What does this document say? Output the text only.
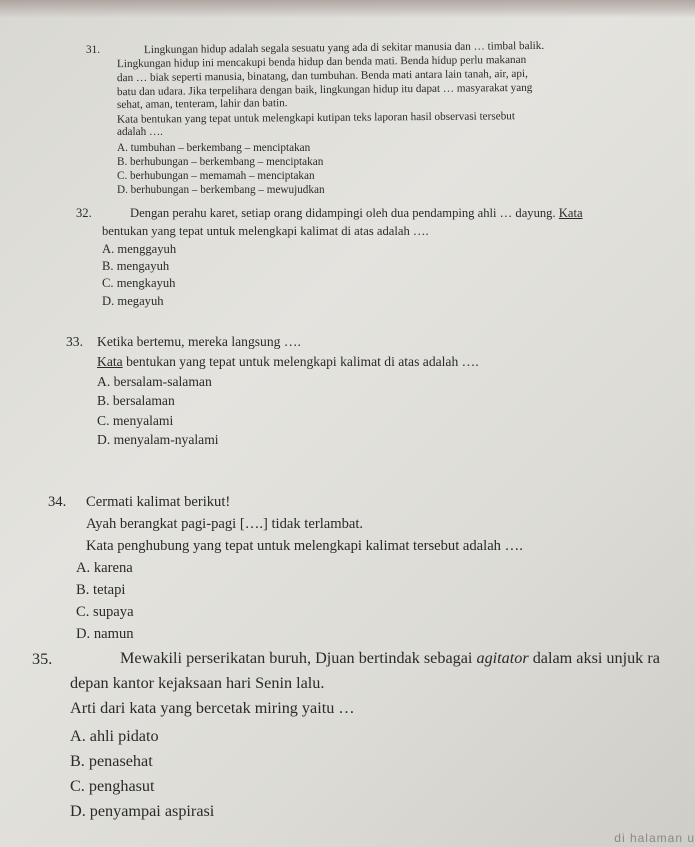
31.	Lingkungan hidup adalah segala sesuatu yang ada di sekitar manusia dan … timbal balik.
Lingkungan hidup ini mencakupi benda hidup dan benda mati. Benda hidup perlu makanan
dan … biak seperti manusia, binatang, dan tumbuhan. Benda mati antara lain tanah, air, api,
batu dan udara. Jika terpelihara dengan baik, lingkungan hidup itu dapat … masyarakat yang
sehat, aman, tenteram, lahir dan batin.
Kata bentukan yang tepat untuk melengkapi kutipan teks laporan hasil observasi tersebut
adalah ….
A. tumbuhan – berkembang – menciptakan
B. berhubungan – berkembang – menciptakan
C. berhubungan – memamah – menciptakan
D. berhubungan – berkembang – mewujudkan
32.	Dengan perahu karet, setiap orang didampingi oleh dua pendamping ahli … dayung. Kata
bentukan yang tepat untuk melengkapi kalimat di atas adalah ….
A. menggayuh
B. mengayuh
C. mengkayuh
D. megayuh
33. Ketika bertemu, mereka langsung ….
Kata bentukan yang tepat untuk melengkapi kalimat di atas adalah ….
A. bersalam-salaman
B. bersalaman
C. menyalami
D. menyalam-nyalami
34. Cermati kalimat berikut!
Ayah berangkat pagi-pagi [….] tidak terlambat.
Kata penghubung yang tepat untuk melengkapi kalimat tersebut adalah ….
A. karena
B. tetapi
C. supaya
D. namun
35.	Mewakili perserikatan buruh, Djuan bertindak sebagai agitator dalam aksi unjuk ra
depan kantor kejaksaan hari Senin lalu.
Arti dari kata yang bercetak miring yaitu …
A. ahli pidato
B. penasehat
C. penghasut
D. penyampai aspirasi
di halaman u
